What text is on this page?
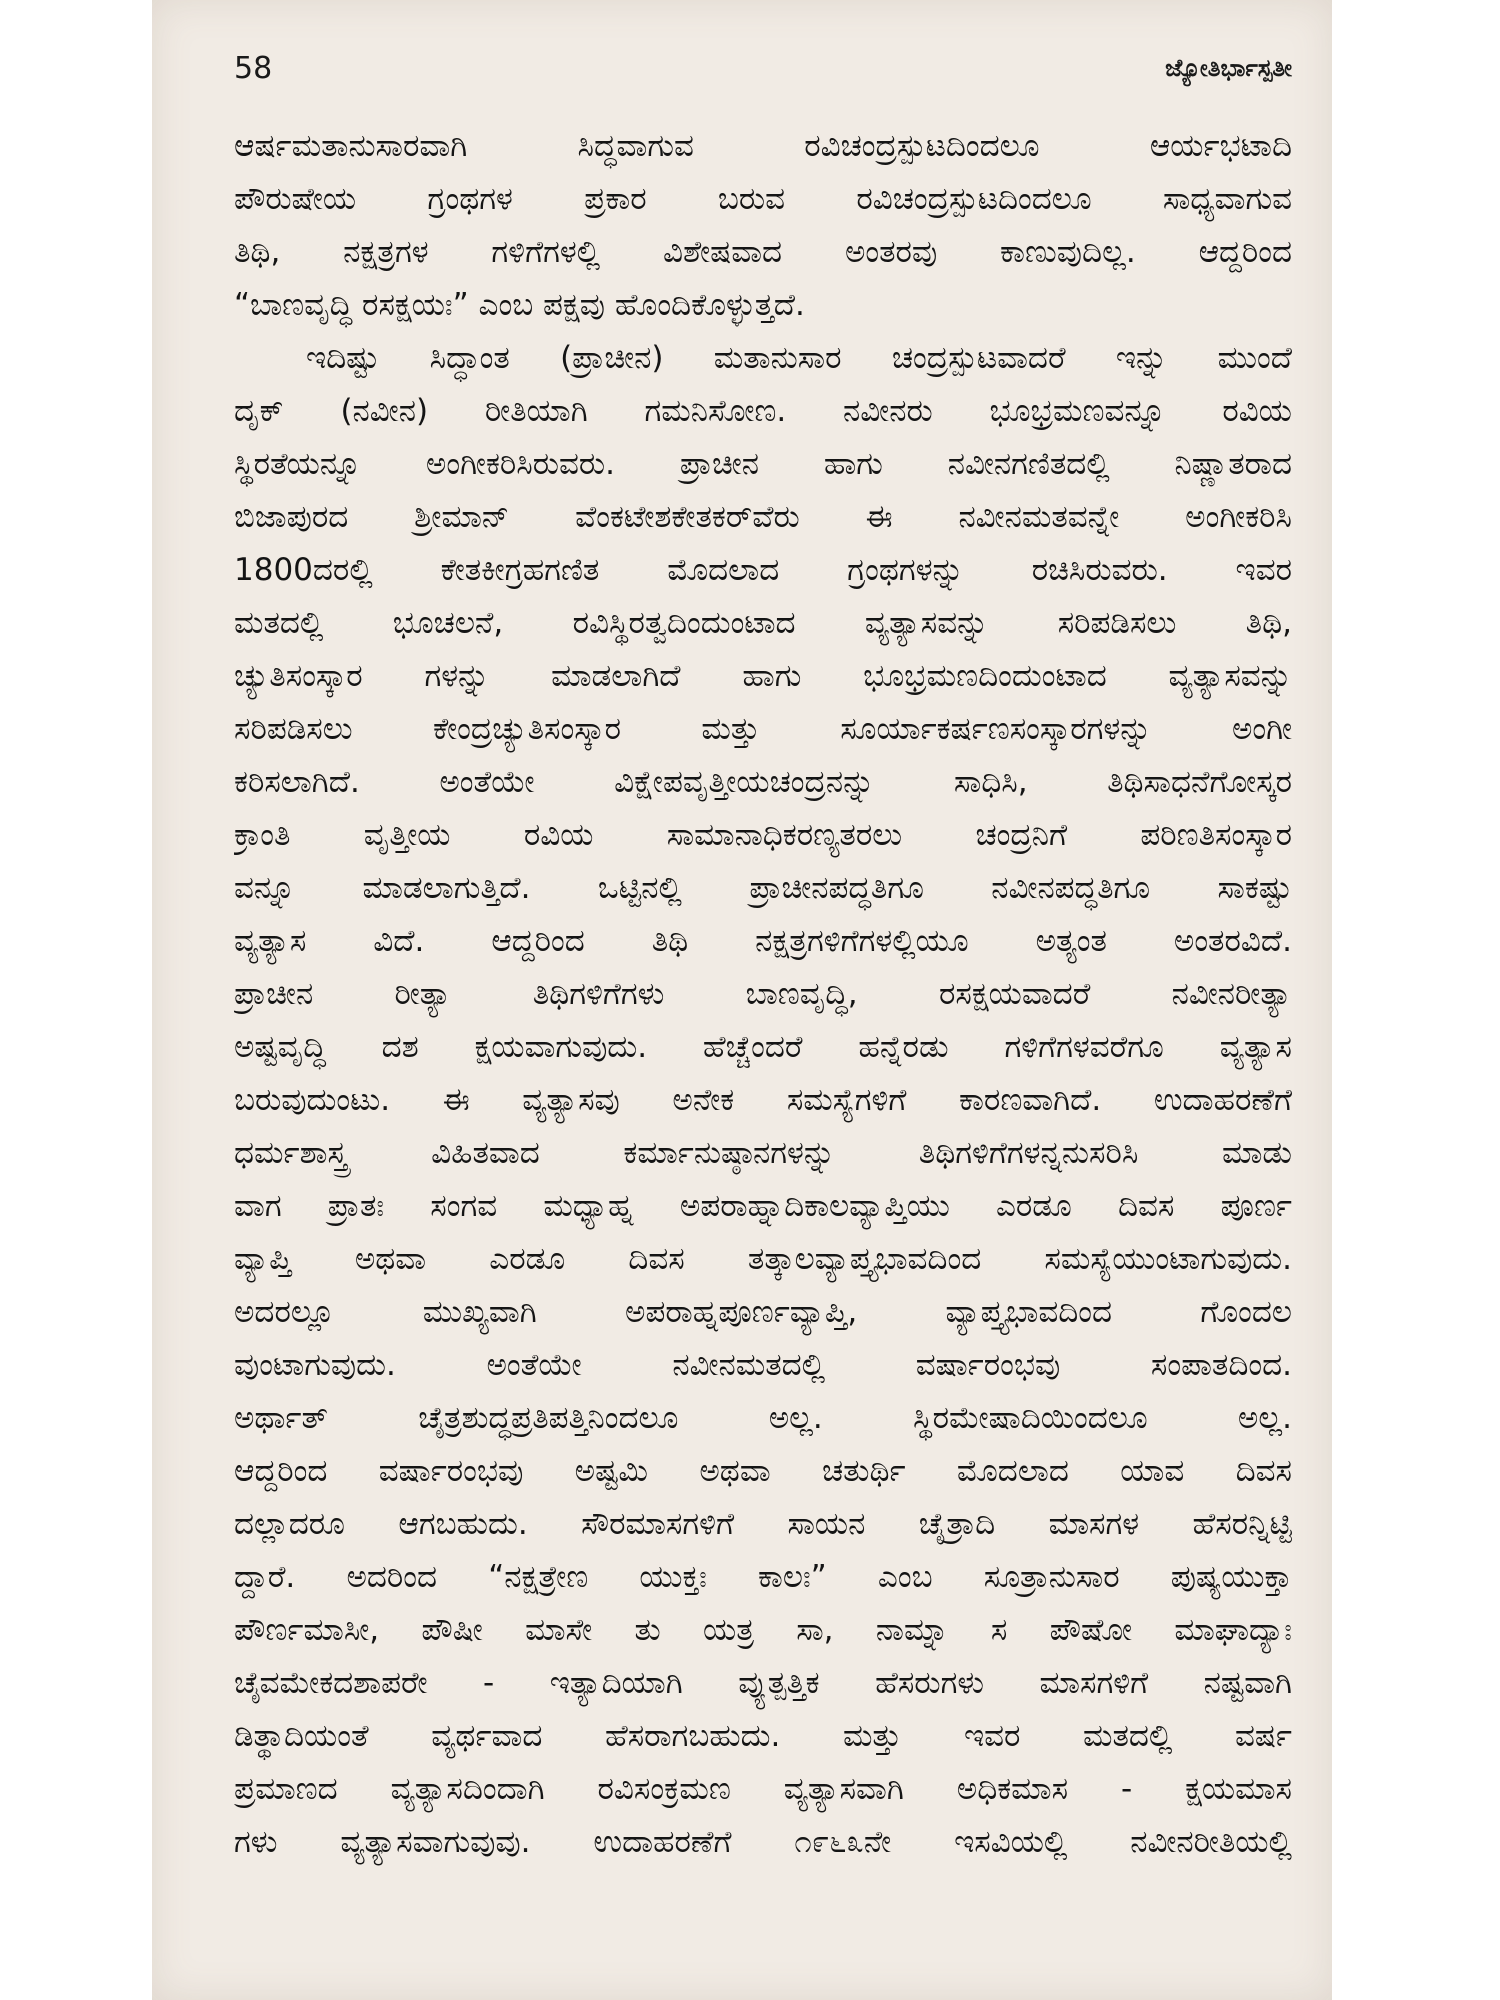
58	ಜ್ಯೋತಿರ್ಭಾಸ್ಪತೀ
ಆರ್ಷಮತಾನುಸಾರವಾಗಿ ಸಿದ್ಧವಾಗುವ ರವಿಚಂದ್ರಸ್ಪುಟದಿಂದಲೂ ಆರ್ಯಭಟಾದಿ
ಪೌರುಷೇಯ ಗ್ರಂಥಗಳ ಪ್ರಕಾರ ಬರುವ ರವಿಚಂದ್ರಸ್ಪುಟದಿಂದಲೂ ಸಾಧ್ಯವಾಗುವ
ತಿಥಿ, ನಕ್ಷತ್ರಗಳ ಗಳಿಗೆಗಳಲ್ಲಿ ವಿಶೇಷವಾದ ಅಂತರವು ಕಾಣುವುದಿಲ್ಲ. ಆದ್ದರಿಂದ
“ಬಾಣವೃದ್ಧಿ ರಸಕ್ಷಯಃ” ಎಂಬ ಪಕ್ಷವು ಹೊಂದಿಕೊಳ್ಳುತ್ತದೆ.
ಇದಿಷ್ಟು ಸಿದ್ಧಾಂತ (ಪ್ರಾಚೀನ) ಮತಾನುಸಾರ ಚಂದ್ರಸ್ಪುಟವಾದರೆ ಇನ್ನು ಮುಂದೆ
ದೃಕ್ (ನವೀನ) ರೀತಿಯಾಗಿ ಗಮನಿಸೋಣ. ನವೀನರು ಭೂಭ್ರಮಣವನ್ನೂ ರವಿಯ
ಸ್ಥಿರತೆಯನ್ನೂ ಅಂಗೀಕರಿಸಿರುವರು. ಪ್ರಾಚೀನ ಹಾಗು ನವೀನಗಣಿತದಲ್ಲಿ ನಿಷ್ಣಾತರಾದ
ಬಿಜಾಪುರದ ಶ್ರೀಮಾನ್ ವೆಂಕಟೇಶಕೇತಕರ್‌ವೆರು ಈ ನವೀನಮತವನ್ನೇ ಅಂಗೀಕರಿಸಿ
1800ದರಲ್ಲಿ ಕೇತಕೀಗ್ರಹಗಣಿತ ಮೊದಲಾದ ಗ್ರಂಥಗಳನ್ನು ರಚಿಸಿರುವರು. ಇವರ
ಮತದಲ್ಲಿ ಭೂಚಲನೆ, ರವಿಸ್ಥಿರತ್ವದಿಂದುಂಟಾದ ವ್ಯತ್ಯಾಸವನ್ನು ಸರಿಪಡಿಸಲು ತಿಥಿ,
ಚ್ಯುತಿಸಂಸ್ಕಾರ ಗಳನ್ನು ಮಾಡಲಾಗಿದೆ ಹಾಗು ಭೂಭ್ರಮಣದಿಂದುಂಟಾದ ವ್ಯತ್ಯಾಸವನ್ನು
ಸರಿಪಡಿಸಲು ಕೇಂದ್ರಚ್ಯುತಿಸಂಸ್ಕಾರ ಮತ್ತು ಸೂರ್ಯಾಕರ್ಷಣಸಂಸ್ಕಾರಗಳನ್ನು ಅಂಗೀ
ಕರಿಸಲಾಗಿದೆ. ಅಂತೆಯೇ ವಿಕ್ಷೇಪವೃತ್ತೀಯಚಂದ್ರನನ್ನು ಸಾಧಿಸಿ, ತಿಥಿಸಾಧನೆಗೋಸ್ಕರ
ಕ್ರಾಂತಿ ವೃತ್ತೀಯ ರವಿಯ ಸಾಮಾನಾಧಿಕರಣ್ಯತರಲು ಚಂದ್ರನಿಗೆ ಪರಿಣತಿಸಂಸ್ಕಾರ
ವನ್ನೂ ಮಾಡಲಾಗುತ್ತಿದೆ. ಒಟ್ಟಿನಲ್ಲಿ ಪ್ರಾಚೀನಪದ್ಧತಿಗೂ ನವೀನಪದ್ಧತಿಗೂ ಸಾಕಷ್ಟು
ವ್ಯತ್ಯಾಸ ವಿದೆ. ಆದ್ದರಿಂದ ತಿಥಿ ನಕ್ಷತ್ರಗಳಿಗೆಗಳಲ್ಲಿಯೂ ಅತ್ಯಂತ ಅಂತರವಿದೆ.
ಪ್ರಾಚೀನ ರೀತ್ಯಾ ತಿಥಿಗಳಿಗೆಗಳು ಬಾಣವೃದ್ಧಿ, ರಸಕ್ಷಯವಾದರೆ ನವೀನರೀತ್ಯಾ
ಅಷ್ಟವೃದ್ಧಿ ದಶ ಕ್ಷಯವಾಗುವುದು. ಹೆಚ್ಚೆಂದರೆ ಹನ್ನೆರಡು ಗಳಿಗೆಗಳವರೆಗೂ ವ್ಯತ್ಯಾಸ
ಬರುವುದುಂಟು. ಈ ವ್ಯತ್ಯಾಸವು ಅನೇಕ ಸಮಸ್ಯೆಗಳಿಗೆ ಕಾರಣವಾಗಿದೆ. ಉದಾಹರಣೆಗೆ
ಧರ್ಮಶಾಸ್ತ್ರ ವಿಹಿತವಾದ ಕರ್ಮಾನುಷ್ಠಾನಗಳನ್ನು ತಿಥಿಗಳಿಗೆಗಳನ್ನನುಸರಿಸಿ ಮಾಡು
ವಾಗ ಪ್ರಾತಃ ಸಂಗವ ಮಧ್ಯಾಹ್ನ ಅಪರಾಹ್ನಾದಿಕಾಲವ್ಯಾಪ್ತಿಯು ಎರಡೂ ದಿವಸ ಪೂರ್ಣ
ವ್ಯಾಪ್ತಿ ಅಥವಾ ಎರಡೂ ದಿವಸ ತತ್ಕಾಲವ್ಯಾಪ್ತ್ಯಭಾವದಿಂದ ಸಮಸ್ಯೆಯುಂಟಾಗುವುದು.
ಅದರಲ್ಲೂ ಮುಖ್ಯವಾಗಿ ಅಪರಾಹ್ನಪೂರ್ಣವ್ಯಾಪ್ತಿ, ವ್ಯಾಪ್ತ್ಯಭಾವದಿಂದ ಗೊಂದಲ
ವುಂಟಾಗುವುದು. ಅಂತೆಯೇ ನವೀನಮತದಲ್ಲಿ ವರ್ಷಾರಂಭವು ಸಂಪಾತದಿಂದ.
ಅರ್ಥಾತ್ ಚೈತ್ರಶುದ್ಧಪ್ರತಿಪತ್ತಿನಿಂದಲೂ ಅಲ್ಲ. ಸ್ಥಿರಮೇಷಾದಿಯಿಂದಲೂ ಅಲ್ಲ.
ಆದ್ದರಿಂದ ವರ್ಷಾರಂಭವು ಅಷ್ಟಮಿ ಅಥವಾ ಚತುರ್ಥಿ ಮೊದಲಾದ ಯಾವ ದಿವಸ
ದಲ್ಲಾದರೂ ಆಗಬಹುದು. ಸೌರಮಾಸಗಳಿಗೆ ಸಾಯನ ಚೈತ್ರಾದಿ ಮಾಸಗಳ ಹೆಸರನ್ನಿಟ್ಟಿ
ದ್ದಾರೆ. ಅದರಿಂದ “ನಕ್ಷತ್ರೇಣ ಯುಕ್ತಃ ಕಾಲಃ” ಎಂಬ ಸೂತ್ರಾನುಸಾರ ಪುಷ್ಯಯುಕ್ತಾ
ಪೌರ್ಣಮಾಸೀ, ಪೌಷೀ ಮಾಸೇ ತು ಯತ್ರ ಸಾ, ನಾಮ್ನಾ ಸ ಪೌಷೋ ಮಾಘಾದ್ಯಾಃ
ಚೈವಮೇಕದಶಾಪರೇ - ಇತ್ಯಾದಿಯಾಗಿ ವ್ಯುತ್ಪತ್ತಿಕ ಹೆಸರುಗಳು ಮಾಸಗಳಿಗೆ ನಷ್ಟವಾಗಿ
ಡಿತ್ಥಾದಿಯಂತೆ ವ್ಯರ್ಥವಾದ ಹೆಸರಾಗಬಹುದು. ಮತ್ತು ಇವರ ಮತದಲ್ಲಿ ವರ್ಷ
ಪ್ರಮಾಣದ ವ್ಯತ್ಯಾಸದಿಂದಾಗಿ ರವಿಸಂಕ್ರಮಣ ವ್ಯತ್ಯಾಸವಾಗಿ ಅಧಿಕಮಾಸ - ಕ್ಷಯಮಾಸ
ಗಳು ವ್ಯತ್ಯಾಸವಾಗುವುವು. ಉದಾಹರಣೆಗೆ ೧೯೬೩ನೇ ಇಸವಿಯಲ್ಲಿ ನವೀನರೀತಿಯಲ್ಲಿ
